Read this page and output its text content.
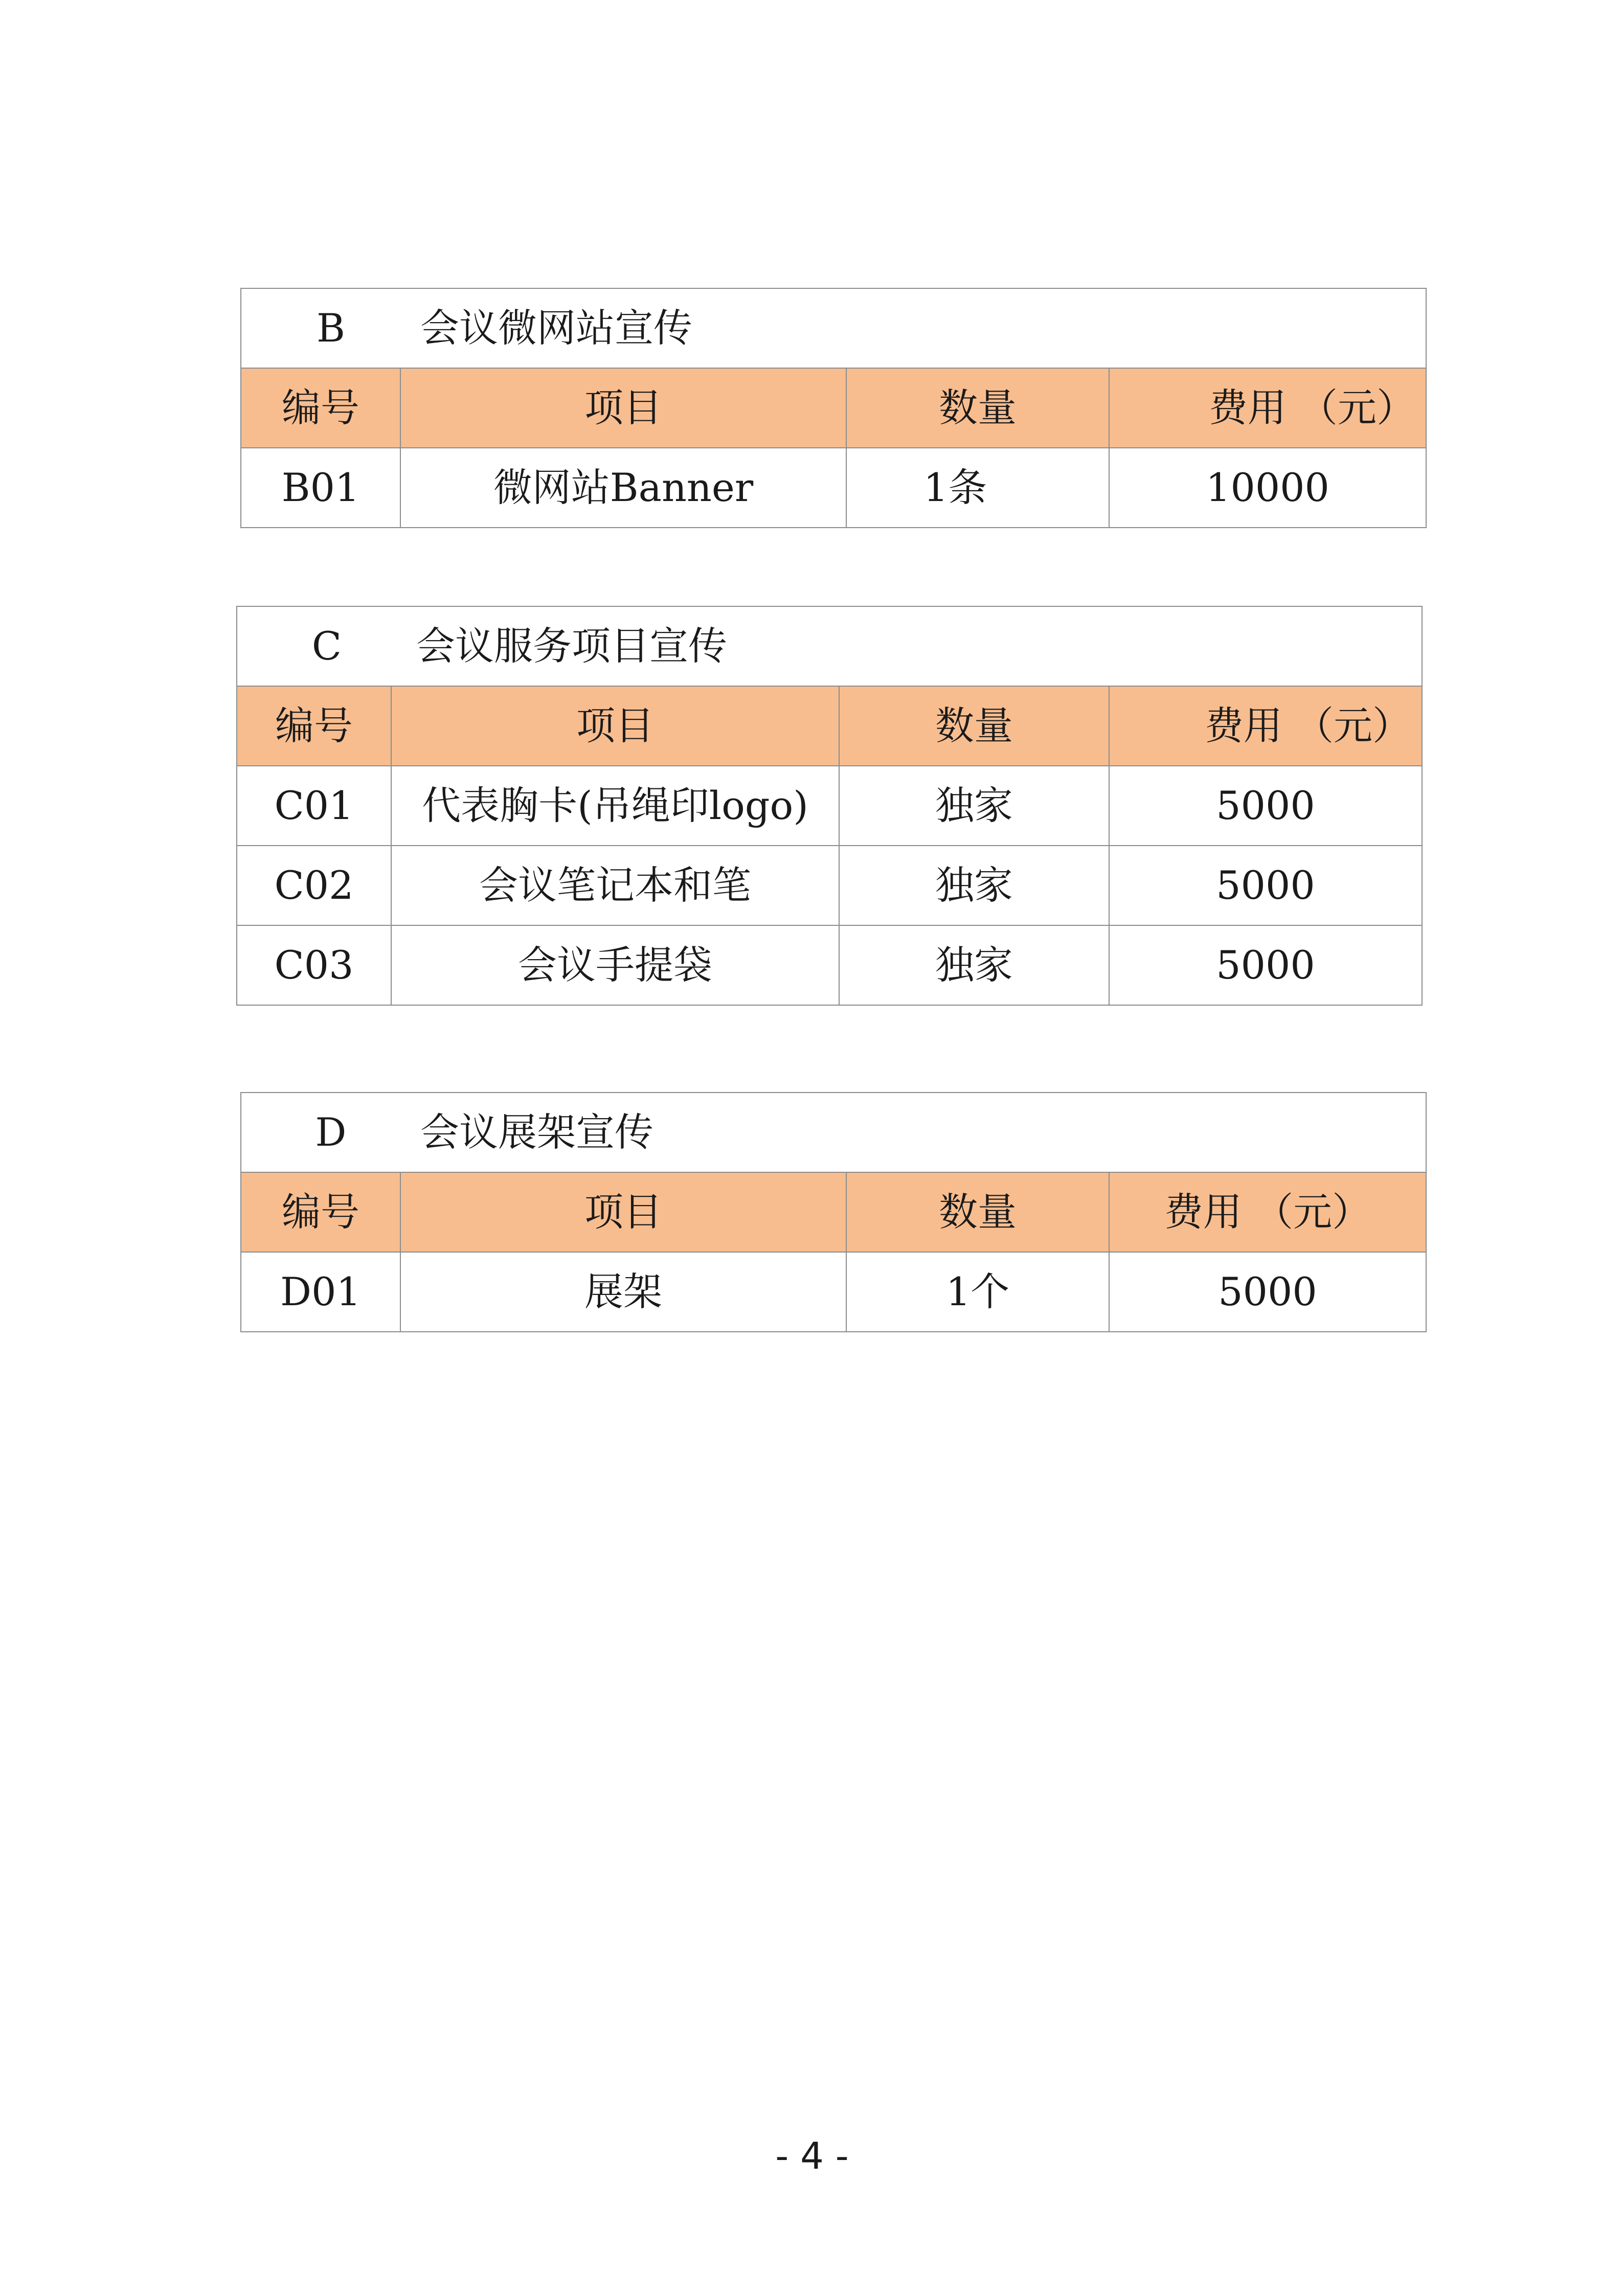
B 会议微网站宣传			
编号	项目	数量	费用 （元）
B01	微网站Banner	1条	10000
C 会议服务项目宣传			
编号	项目	数量	费用 （元）
C01	代表胸卡(吊绳印logo)	独家	5000
C02	会议笔记本和笔	独家	5000
C03	会议手提袋	独家	5000
D 会议展架宣传			
编号	项目	数量	费用 （元）
D01	展架	1个	5000
- 4 -
